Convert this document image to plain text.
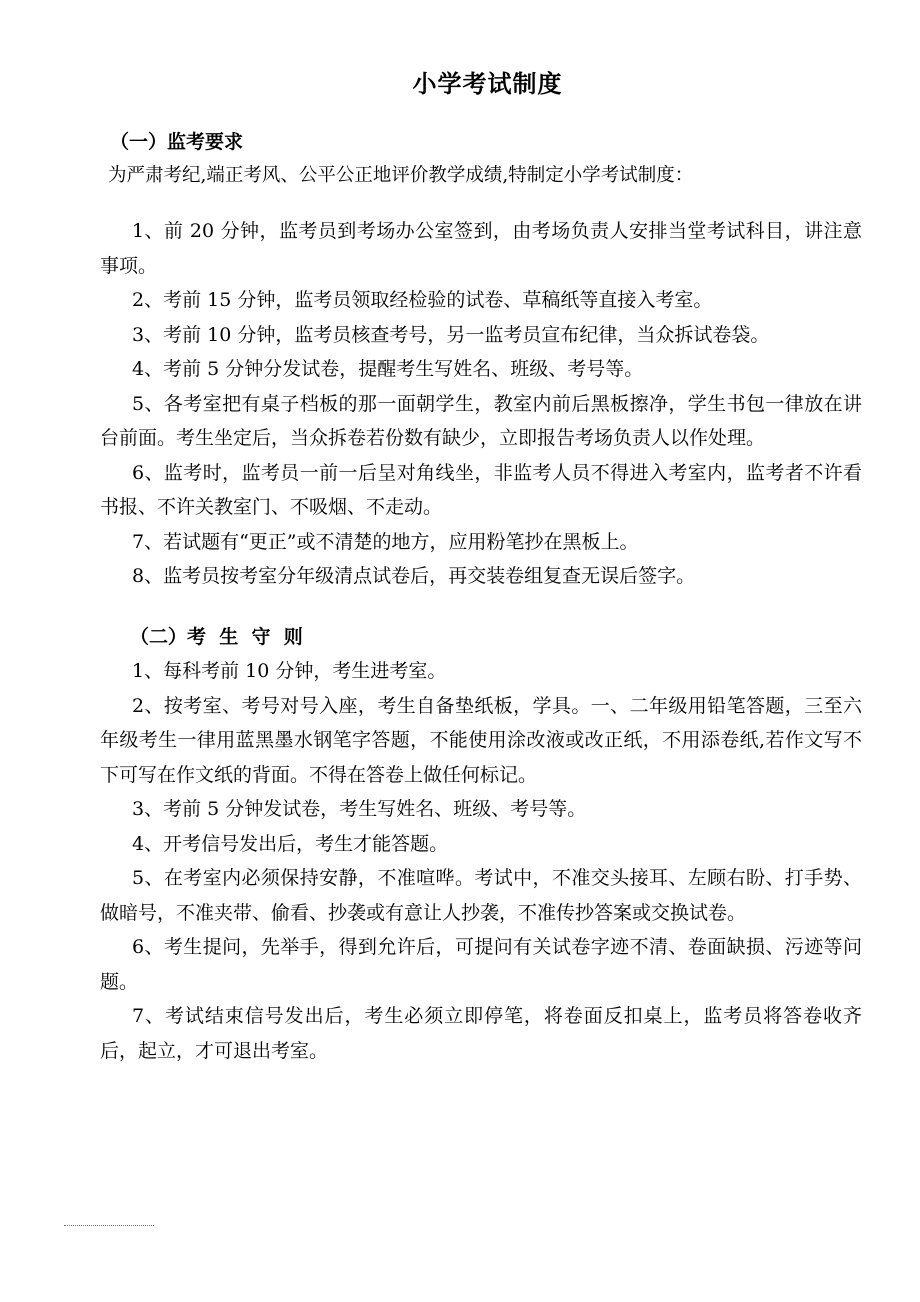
小学考试制度
（一）监考要求
为严肃考纪,端正考风、公平公正地评价教学成绩,特制定小学考试制度：

1、前 20 分钟，监考员到考场办公室签到，由考场负责人安排当堂考试科目，讲注意事项。

2、考前 15 分钟，监考员领取经检验的试卷、草稿纸等直接入考室。

3、考前 10 分钟，监考员核查考号，另一监考员宣布纪律，当众拆试卷袋。

4、考前 5 分钟分发试卷，提醒考生写姓名、班级、考号等。

5、各考室把有桌子档板的那一面朝学生，教室内前后黑板擦净，学生书包一律放在讲台前面。考生坐定后，当众拆卷若份数有缺少，立即报告考场负责人以作处理。

6、监考时，监考员一前一后呈对角线坐，非监考人员不得进入考室内，监考者不许看书报、不许关教室门、不吸烟、不走动。

7、若试题有“更正”或不清楚的地方，应用粉笔抄在黑板上。

8、监考员按考室分年级清点试卷后，再交装卷组复查无误后签字。

（二）考  生  守  则

1、每科考前 10 分钟，考生进考室。

2、按考室、考号对号入座，考生自备垫纸板，学具。一、二年级用铅笔答题，三至六年级考生一律用蓝黑墨水钢笔字答题，不能使用涂改液或改正纸，不用添卷纸,若作文写不下可写在作文纸的背面。不得在答卷上做任何标记。

3、考前 5 分钟发试卷，考生写姓名、班级、考号等。

4、开考信号发出后，考生才能答题。

5、在考室内必须保持安静，不准喧哗。考试中，不准交头接耳、左顾右盼、打手势、做暗号，不准夹带、偷看、抄袭或有意让人抄袭，不准传抄答案或交换试卷。

6、考生提问，先举手，得到允许后，可提问有关试卷字迹不清、卷面缺损、污迹等问题。

7、考试结束信号发出后，考生必须立即停笔，将卷面反扣桌上，监考员将答卷收齐后，起立，才可退出考室。
